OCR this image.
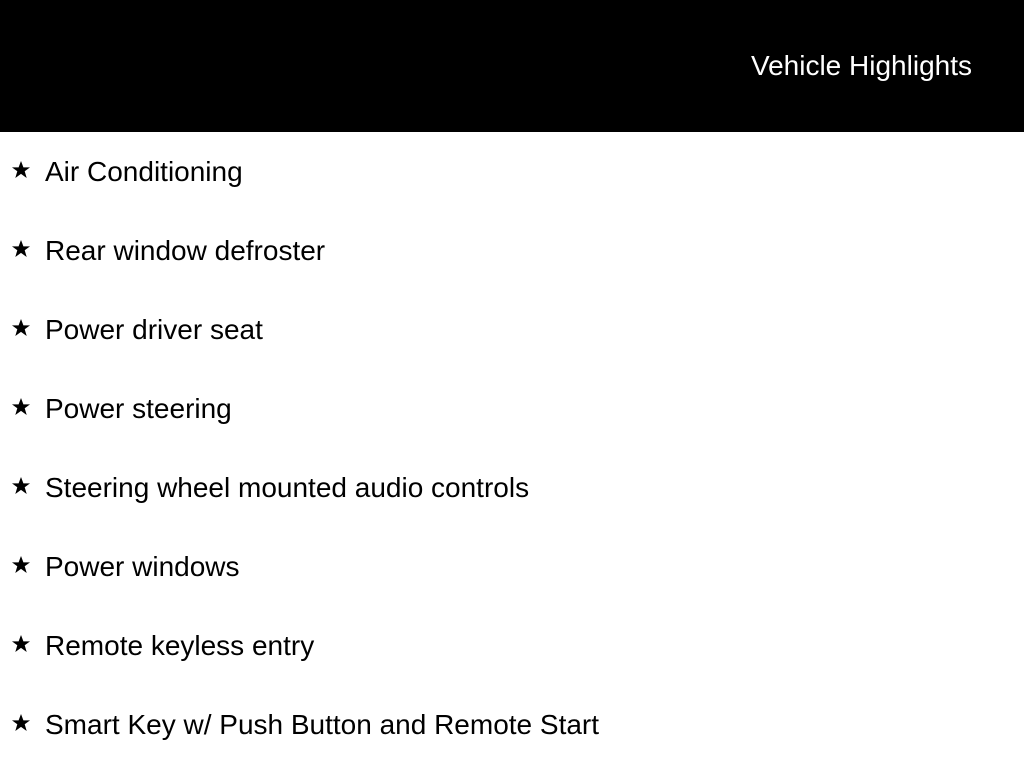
Vehicle Highlights
Air Conditioning
Rear window defroster
Power driver seat
Power steering
Steering wheel mounted audio controls
Power windows
Remote keyless entry
Smart Key w/ Push Button and Remote Start
